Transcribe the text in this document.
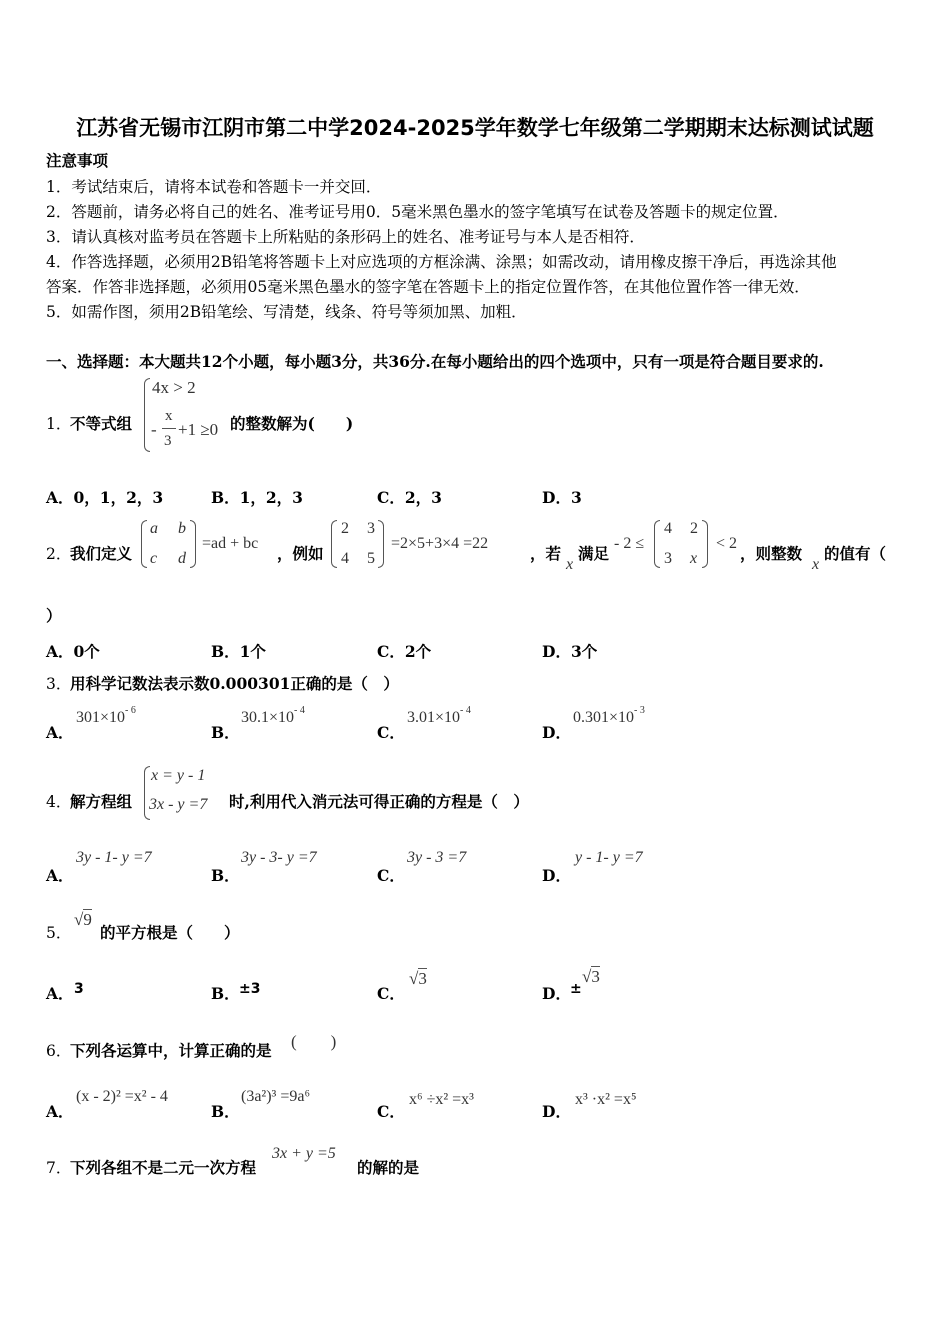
江苏省无锡市江阴市第二中学2024-2025学年数学七年级第二学期期末达标测试试题
注意事项
1．考试结束后，请将本试卷和答题卡一并交回．
2．答题前，请务必将自己的姓名、准考证号用0．5毫米黑色墨水的签字笔填写在试卷及答题卡的规定位置．
3．请认真核对监考员在答题卡上所粘贴的条形码上的姓名、准考证号与本人是否相符．
4．作答选择题，必须用2B铅笔将答题卡上对应选项的方框涂满、涂黑；如需改动，请用橡皮擦干净后，再选涂其他
答案．作答非选择题，必须用05毫米黑色墨水的签字笔在答题卡上的指定位置作答，在其他位置作答一律无效．
5．如需作图，须用2B铅笔绘、写清楚，线条、符号等须加黑、加粗．
一、选择题：本大题共12个小题，每小题3分，共36分.在每小题给出的四个选项中，只有一项是符合题目要求的.
1．
不等式组
4x > 2
-
x
3
+1 ≥0 的整数解为(　　)
A．0，1，2，3	B．1，2，3	C．2，3	D．3
2．
我们定义
a b
c d
=ad + bc
，例如
2 3
4 5
=2×5+3×4 =22
，若
x
满足
- 2 ≤
4 2
3 x
< 2
，则整数
x
的值有（
）
A．0个	B．1个	C．2个	D．3个
3．
用科学记数法表示数0.000301正确的是（　）
A．
$301\times 10^{- 6}$
B．
$30.1\times 10^{- 4}$
C．
$3.01\times 10^{- 4}$
D．
$0.301\times 10^{- 3}$
4．
解方程组
x = y - 1
3x - y =7 时,利用代入消元法可得正确的方程是（　）
A．
3y - 1- y =7
B．
3y - 3- y =7
C．
3y - 3 =7
D．
y - 1- y =7
5．
√9
的平方根是（　　）
A． 3	B． ±3	C．
√3
D． ±
√3
6．
下列各运算中，计算正确的是 (　　)
A．
(x - 2)² =x² - 4
B．
(3a²)³ =9a⁶
C．
x⁶ ÷x² =x³
D．
x³ ·x² =x⁵
7．
下列各组不是二元一次方程
3x + y =5
的解的是
